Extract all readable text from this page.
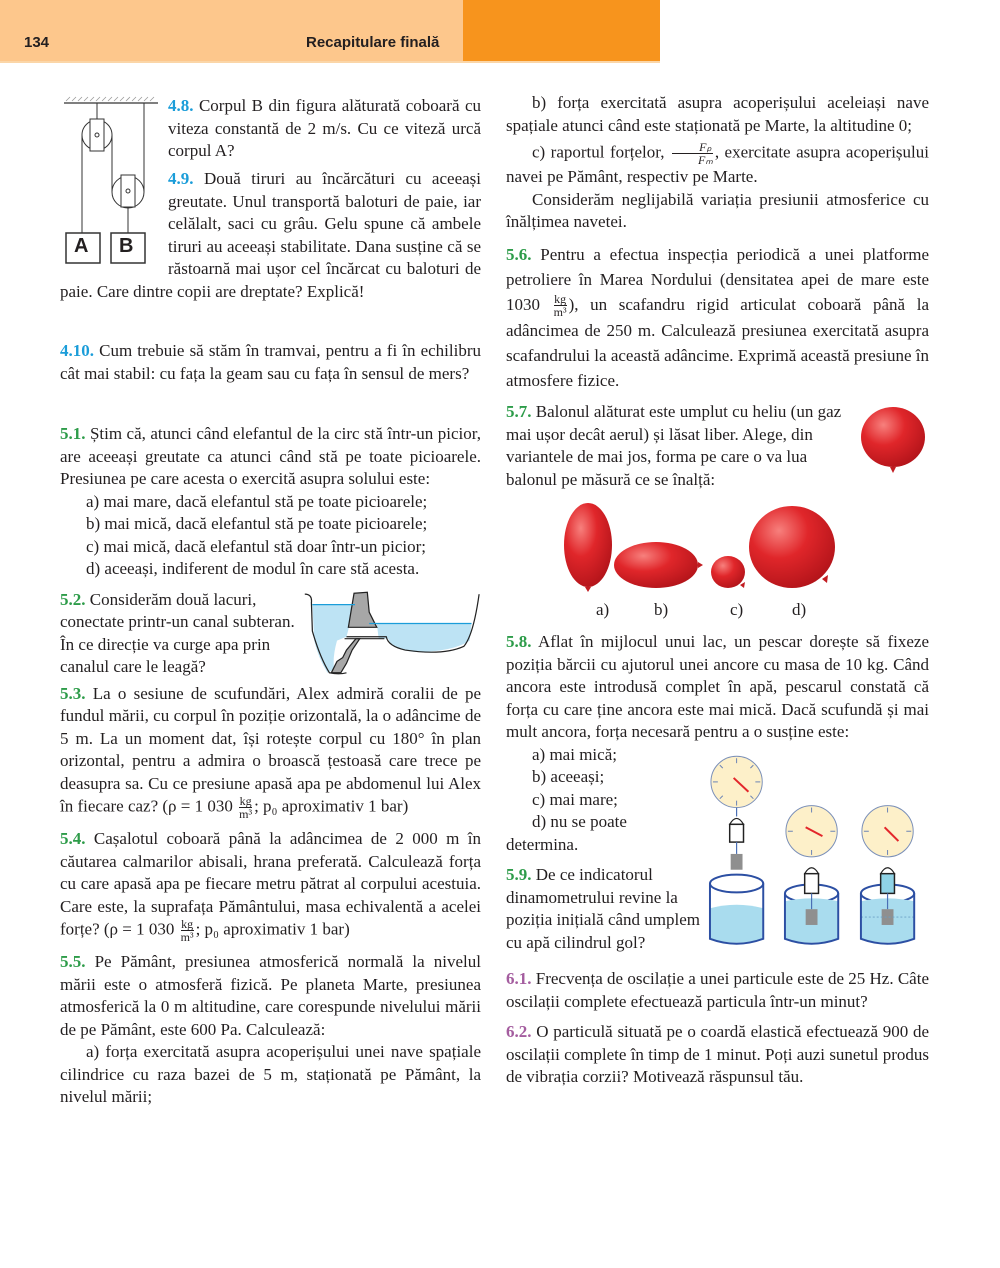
134	Recapitulare finală
A B

4.8. Corpul B din figura alăturată coboară cu viteza constantă de 2 m/s. Cu ce viteză urcă corpul A?

4.9. Două tiruri au încărcături cu aceeași greutate. Unul transportă baloturi de paie, iar celălalt, saci cu grâu. Gelu spune că ambele tiruri au aceeași stabilitate. Dana susține că se răstoarnă mai ușor cel încărcat cu baloturi de paie. Care dintre copii are dreptate? Explică!

4.10. Cum trebuie să stăm în tramvai, pentru a fi în echilibru cât mai stabil: cu fața la geam sau cu fața în sensul de mers?

5.1. Știm că, atunci când elefantul de la circ stă într-un picior, are aceeași greutate ca atunci când stă pe toate picioarele. Presiunea pe care acesta o exercită asupra solului este:

a) mai mare, dacă elefantul stă pe toate picioarele;

b) mai mică, dacă elefantul stă pe toate picioarele;

c) mai mică, dacă elefantul stă doar într-un picior;

d) aceeași, indiferent de modul în care stă acesta.

5.2. Considerăm două lacuri, conectate printr-un canal subteran. În ce direcție va curge apa prin canalul care le leagă?

5.3. La o sesiune de scufundări, Alex admiră coralii de pe fundul mării, cu corpul în poziție orizontală, la o adâncime de 5 m. La un moment dat, își rotește corpul cu 180° în plan orizontal, pentru a admira o broască țestoasă care trece pe deasupra sa. Cu ce presiune apasă apa pe abdomenul lui Alex în fiecare caz? (ρ = 1 $030 \frac{kg}{\text{m³}}$ ; p₀ aproximativ 1 bar)

5.4. Cașalotul coboară până la adâncimea de 2 000 m în căutarea calmarilor abisali, hrana preferată. Calculează forța cu care apasă apa pe fiecare metru pătrat al corpului acestuia. Care este, la suprafața Pământului, masa echivalentă a acelei forțe? (ρ = 1 $030 \frac{kg}{\text{m³}}$ ; p₀ aproximativ 1 bar)

5.5. Pe Pământ, presiunea atmosferică normală la nivelul mării este o atmosferă fizică. Pe planeta Marte, presiunea atmosferică la 0 m altitudine, care corespunde nivelului mării de pe Pământ, este 600 Pa. Calculează:

a) forța exercitată asupra acoperișului unei nave spațiale cilindrice cu raza bazei de 5 m, staționată pe Pământ, la nivelul mării;

b) forța exercitată asupra acoperișului aceleiași nave spațiale atunci când este staționată pe Marte, la altitudine 0;

c) raportul forțelor, $\frac{\text{Fₚ}}{\text{Fₘ}}$ , exercitate asupra acoperișului navei pe Pământ, respectiv pe Marte.

Considerăm neglijabilă variația presiunii atmosferice cu înălțimea navetei.

5.6. Pentru a efectua inspecția periodică a unei platforme petroliere în Marea Nordului (densitatea apei de mare este $1030 \frac{kg}{\text{m³}}$ ), un scafandru rigid articulat coboară până la adâncimea de 250 m. Calculează presiunea exercitată asupra scafandrului la această adâncime. Exprimă această presiune în atmosfere fizice.

5.7. Balonul alăturat este umplut cu heliu (un gaz mai ușor decât aerul) și lăsat liber. Alege, din variantele de mai jos, forma pe care o va lua balonul pe măsură ce se înalță:

a)	b)	c)	d)

5.8. Aflat în mijlocul unui lac, un pescar dorește să fixeze poziția bărcii cu ajutorul unei ancore cu masa de 10 kg. Când ancora este introdusă complet în apă, pescarul constată că forța cu care ține ancora este mai mică. Dacă scufundă și mai mult ancora, forța necesară pentru a o susține este:

a) mai mică;

b) aceeași;

c) mai mare;

d) nu se poate

determina.

5.9. De ce indicatorul dinamometrului revine la poziția inițială când umplem cu apă cilindrul gol?

6.1. Frecvența de oscilație a unei particule este de 25 Hz. Câte oscilații complete efectuează particula într-un minut?

6.2. O particulă situată pe o coardă elastică efectuează 900 de oscilații complete în timp de 1 minut. Poți auzi sunetul produs de vibrația corzii? Motivează răspunsul tău.
